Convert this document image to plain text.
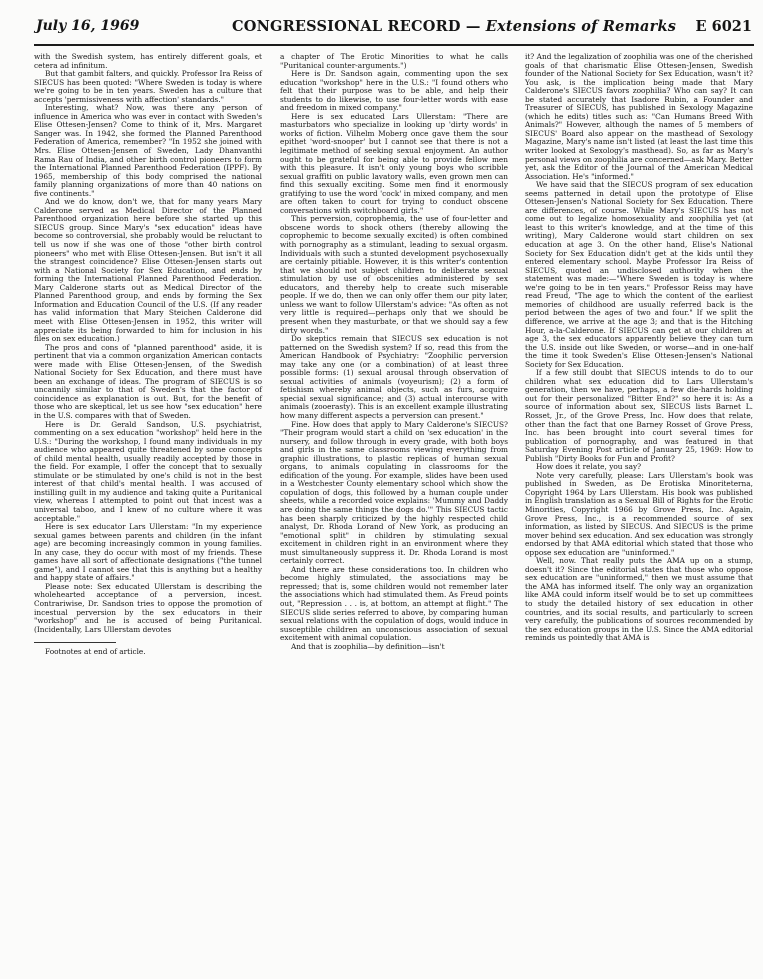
July 16, 1969	CONGRESSIONAL RECORD — Extensions of Remarks E 6021

with the Swedish system, has entirely different goals, et cetera ad infinitum.

But that gambit falters, and quickly. Professor Ira Reiss of SIECUS has been quoted: "Where Sweden is today is where we're going to be in ten years. Sweden has a culture that accepts 'permissiveness with affection' standards."

Interesting, what? Now, was there any person of influence in America who was ever in contact with Sweden's Elise Ottesen-Jensen? Come to think of it, Mrs. Margaret Sanger was. In 1942, she formed the Planned Parenthood Federation of America, remember? "In 1952 she joined with Mrs. Elise Ottesen-Jensen of Sweden, Lady Dhanvanthi Rama Rau of India, and other birth control pioneers to form the International Planned Parenthood Federation (IPPF). By 1965, membership of this body comprised the national family planning organizations of more than 40 nations on five continents."

And we do know, don't we, that for many years Mary Calderone served as Medical Director of the Planned Parenthood organization here before she started up this SIECUS group. Since Mary's "sex education" ideas have become so controversial, she probably would be reluctant to tell us now if she was one of those "other birth control pioneers" who met with Elise Ottesen-Jensen. But isn't it all the strangest coincidence? Elise Ottesen-Jensen starts out with a National Society for Sex Education, and ends by forming the International Planned Parenthood Federation. Mary Calderone starts out as Medical Director of the Planned Parenthood group, and ends by forming the Sex Information and Education Council of the U.S. (If any reader has valid information that Mary Steichen Calderone did meet with Elise Ottesen-Jensen in 1952, this writer will appreciate its being forwarded to him for inclusion in his files on sex education.)

The pros and cons of "planned parenthood" aside, it is pertinent that via a common organization American contacts were made with Elise Ottesen-Jensen, of the Swedish National Society for Sex Education, and there must have been an exchange of ideas. The program of SIECUS is so uncannily similar to that of Sweden's that the factor of coincidence as explanation is out. But, for the benefit of those who are skeptical, let us see how "sex education" here in the U.S. compares with that of Sweden.

Here is Dr. Gerald Sandson, U.S. psychiatrist, commenting on a sex education "workshop" held here in the U.S.: "During the workshop, I found many individuals in my audience who appeared quite threatened by some concepts of child mental health, usually readily accepted by those in the field. For example, I offer the concept that to sexually stimulate or be stimulated by one's child is not in the best interest of that child's mental health. I was accused of instilling guilt in my audience and taking quite a Puritanical view, whereas I attempted to point out that incest was a universal taboo, and I knew of no culture where it was acceptable."

Here is sex educator Lars Ullerstam: "In my experience sexual games between parents and children (in the infant age) are becoming increasingly common in young families. In any case, they do occur with most of my friends. These games have all sort of affectionate designations ("the tunnel game"), and I cannot see that this is anything but a healthy and happy state of affairs."

Please note: Sex educated Ullerstam is describing the wholehearted acceptance of a perversion, incest. Contrariwise, Dr. Sandson tries to oppose the promotion of incestual perversion by the sex educators in their "workshop" and he is accused of being Puritanical. (Incidentally, Lars Ullerstam devotes

Footnotes at end of article.

a chapter of The Erotic Minorities to what he calls "Puritanical counter-arguments.")

Here is Dr. Sandson again, commenting upon the sex education "workshop" here in the U.S.: "I found others who felt that their purpose was to be able, and help their students to do likewise, to use four-letter words with ease and freedom in mixed company."

Here is sex educated Lars Ullerstam: "There are masturbators who specialize in looking up 'dirty words' in works of fiction. Vilhelm Moberg once gave them the sour epithet 'word-snooper' but I cannot see that there is not a legitimate method of seeking sexual enjoyment. An author ought to be grateful for being able to provide fellow men with this pleasure. It isn't only young boys who scribble sexual graffiti on public lavatory walls, even grown men can find this sexually exciting. Some men find it enormously gratifying to use the word 'cock' in mixed company, and men are often taken to court for trying to conduct obscene conversations with switchboard girls."

This perversion, coprophemia, the use of four-letter and obscene words to shock others (thereby allowing the coprophemic to become sexually excited) is often combined with pornography as a stimulant, leading to sexual orgasm. Individuals with such a stunted development psychosexually are certainly pitiable. However, it is this writer's contention that we should not subject children to deliberate sexual stimulation by use of obscenities administered by sex educators, and thereby help to create such miserable people. If we do, then we can only offer them our pity later, unless we want to follow Ullerstam's advice: "As often as not very little is required—perhaps only that we should be present when they masturbate, or that we should say a few dirty words."

Do skeptics remain that SIECUS sex education is not patterned on the Swedish system? If so, read this from the American Handbook of Psychiatry: "Zoophilic perversion may take any one (or a combination) of at least three possible forms: (1) sexual arousal through observation of sexual activities of animals (voyeurism); (2) a form of fetishism whereby animal objects, such as furs, acquire special sexual significance; and (3) actual intercourse with animals (zooerasty). This is an excellent example illustrating how many different aspects a perversion can present."

Fine. How does that apply to Mary Calderone's SIECUS? "Their program would start a child on 'sex education' in the nursery, and follow through in every grade, with both boys and girls in the same classrooms viewing everything from graphic illustrations, to plastic replicas of human sexual organs, to animals copulating in classrooms for the edification of the young. For example, slides have been used in a Westchester County elementary school which show the copulation of dogs, this followed by a human couple under sheets, while a recorded voice explains: 'Mummy and Daddy are doing the same things the dogs do.'" This SIECUS tactic has been sharply criticized by the highly respected child analyst, Dr. Rhoda Lorand of New York, as producing an "emotional split" in children by stimulating sexual excitement in children right in an environment where they must simultaneously suppress it. Dr. Rhoda Lorand is most certainly correct.

And there are these considerations too. In children who become highly stimulated, the associations may be repressed; that is, some children would not remember later the associations which had stimulated them. As Freud points out, "Repression . . . is, at bottom, an attempt at flight." The SIECUS slide series referred to above, by comparing human sexual relations with the copulation of dogs, would induce in susceptible children an unconscious association of sexual excitement with animal copulation.

And that is zoophilia—by definition—isn't

it? And the legalization of zoophilia was one of the cherished goals of that charismatic Elise Ottesen-Jensen, Swedish founder of the National Society for Sex Education, wasn't it? You ask, is the implication being made that Mary Calderone's SIECUS favors zoophilia? Who can say? It can be stated accurately that Isadore Rubin, a Founder and Treasurer of SIECUS, has published in Sexology Magazine (which he edits) titles such as: "Can Humans Breed With Animals?" However, although the names of 5 members of SIECUS' Board also appear on the masthead of Sexology Magazine, Mary's name isn't listed (at least the last time this writer looked at Sexology's masthead). So, as far as Mary's personal views on zoophilia are concerned—ask Mary. Better yet, ask the Editor of the Journal of the American Medical Association. He's "informed."

We have said that the SIECUS program of sex education seems patterned in detail upon the prototype of Elise Ottesen-Jensen's National Society for Sex Education. There are differences, of course. While Mary's SIECUS has not come out to legalize homosexuality and zoophilia yet (at least to this writer's knowledge, and at the time of this writing), Mary Calderone would start children on sex education at age 3. On the other hand, Elise's National Society for Sex Education didn't get at the kids until they entered elementary school. Maybe Professor Ira Reiss of SIECUS, quoted an undisclosed authority when the statement was made:—"Where Sweden is today is where we're going to be in ten years." Professor Reiss may have read Freud, "The age to which the content of the earliest memories of childhood are usually referred back is the period between the ages of two and four." If we split the difference, we arrive at the age 3; and that is the Hitching Hour, a-la-Calderone. If SIECUS can get at our children at age 3, the sex educators apparently believe they can turn the U.S. inside out like Sweden, or worse—and in one-half the time it took Sweden's Elise Ottesen-Jensen's National Society for Sex Education.

If a few still doubt that SIECUS intends to do to our children what sex education did to Lars Ullerstam's generation, then we have, perhaps, a few die-hards holding out for their personalized "Bitter End?" so here it is: As a source of information about sex, SIECUS lists Barnet L. Rosset, Jr., of the Grove Press, Inc. How does that relate, other than the fact that one Barney Rosset of Grove Press, Inc. has been brought into court several times for publication of pornography, and was featured in that Saturday Evening Post article of January 25, 1969: How to Publish "Dirty Books for Fun and Profit?

How does it relate, you say?

Note very carefully, please: Lars Ullerstam's book was published in Sweden, as De Erotiska Minoriteterna, Copyright 1964 by Lars Ullerstam. His book was published in English translation as a Sexual Bill of Rights for the Erotic Minorities, Copyright 1966 by Grove Press, Inc. Again, Grove Press, Inc., is a recommended source of sex information, as listed by SIECUS. And SIECUS is the prime mover behind sex education. And sex education was strongly endorsed by that AMA editorial which stated that those who oppose sex education are "uninformed."

Well, now. That really puts the AMA up on a stump, doesn't it? Since the editorial states that those who oppose sex education are "uninformed," then we must assume that the AMA has informed itself. The only way an organization like AMA could inform itself would be to set up committees to study the detailed history of sex education in other countries, and its social results, and particularly to screen very carefully, the publications of sources recommended by the sex education groups in the U.S. Since the AMA editorial reminds us pointedly that AMA is
